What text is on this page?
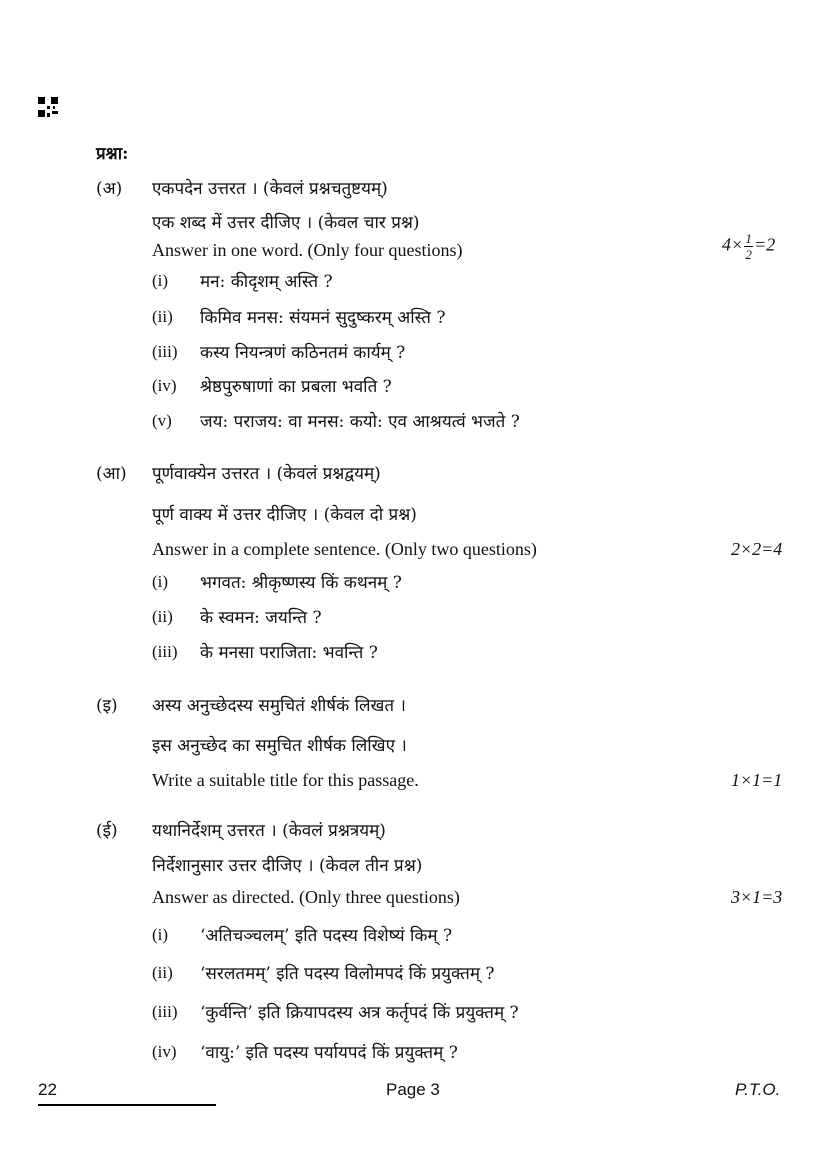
प्रश्ना:
(अ) एकपदेन उत्तरत । (केवलं प्रश्नचतुष्टयम्)
एक शब्द में उत्तर दीजिए । (केवल चार प्रश्न)
Answer in one word. (Only four questions)	$4\times \frac{1}{2} =2$
(i) मन: कीदृशम् अस्ति ?
(ii) किमिव मनस: संयमनं सुदुष्करम् अस्ति ?
(iii) कस्य नियन्त्रणं कठिनतमं कार्यम् ?
(iv) श्रेष्ठपुरुषाणां का प्रबला भवति ?
(v) जय: पराजय: वा मनस: कयो: एव आश्रयत्वं भजते ?
(आ) पूर्णवाक्येन उत्तरत । (केवलं प्रश्नद्वयम्)
पूर्ण वाक्य में उत्तर दीजिए । (केवल दो प्रश्न)
Answer in a complete sentence. (Only two questions)	2×2=4
(i) भगवत: श्रीकृष्णस्य किं कथनम् ?
(ii) के स्वमन: जयन्ति ?
(iii) के मनसा पराजिता: भवन्ति ?
(इ) अस्य अनुच्छेदस्य समुचितं शीर्षकं लिखत ।
इस अनुच्छेद का समुचित शीर्षक लिखिए ।
Write a suitable title for this passage.	1×1=1
(ई) यथानिर्देशम् उत्तरत । (केवलं प्रश्नत्रयम्)
निर्देशानुसार उत्तर दीजिए । (केवल तीन प्रश्न)
Answer as directed. (Only three questions)	3×1=3
(i) ‘अतिचञ्चलम्’ इति पदस्य विशेष्यं किम् ?
(ii) ‘सरलतमम्’ इति पदस्य विलोमपदं किं प्रयुक्तम् ?
(iii) ‘कुर्वन्ति’ इति क्रियापदस्य अत्र कर्तृपदं किं प्रयुक्तम् ?
(iv) ‘वायु:’ इति पदस्य पर्यायपदं किं प्रयुक्तम् ?
22	Page 3	P.T.O.
